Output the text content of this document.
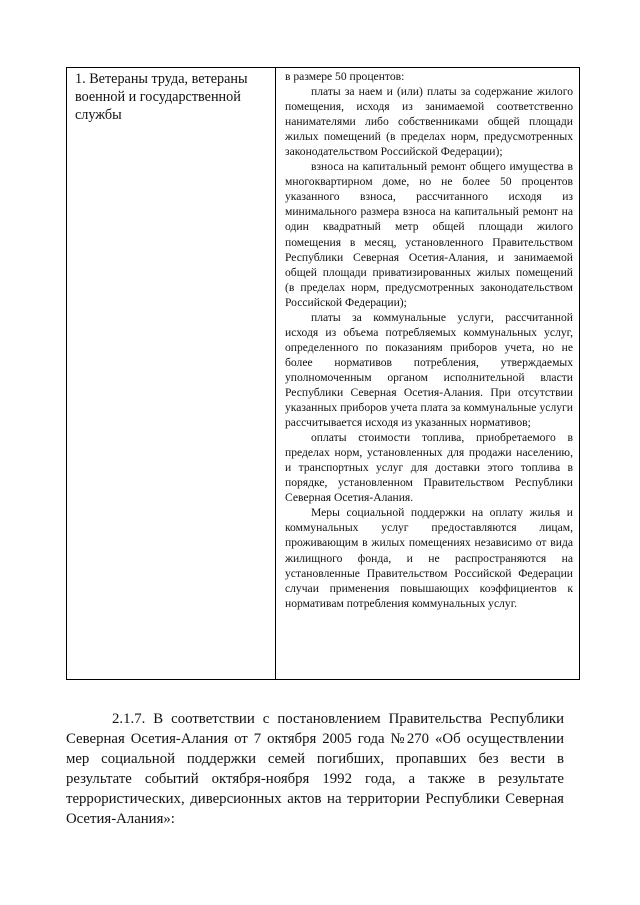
1. Ветераны труда, ветераны военной и государственной службы

в размере 50 процентов:

платы за наем и (или) платы за содержание жилого помещения, исходя из занимаемой соответственно нанимателями либо собственниками общей площади жилых помещений (в пределах норм, предусмотренных законодательством Российской Федерации);

взноса на капитальный ремонт общего имущества в многоквартирном доме, но не более 50 процентов указанного взноса, рассчитанного исходя из минимального размера взноса на капитальный ремонт на один квадратный метр общей площади жилого помещения в месяц, установленного Правительством Республики Северная Осетия-Алания, и занимаемой общей площади приватизированных жилых помещений (в пределах норм, предусмотренных законодательством Российской Федерации);

платы за коммунальные услуги, рассчитанной исходя из объема потребляемых коммунальных услуг, определенного по показаниям приборов учета, но не более нормативов потребления, утверждаемых уполномоченным органом исполнительной власти Республики Северная Осетия-Алания. При отсутствии указанных приборов учета плата за коммунальные услуги рассчитывается исходя из указанных нормативов;

оплаты стоимости топлива, приобретаемого в пределах норм, установленных для продажи населению, и транспортных услуг для доставки этого топлива в порядке, установленном Правительством Республики Северная Осетия-Алания.

Меры социальной поддержки на оплату жилья и коммунальных услуг предоставляются лицам, проживающим в жилых помещениях независимо от вида жилищного фонда, и не распространяются на установленные Правительством Российской Федерации случаи применения повышающих коэффициентов к нормативам потребления коммунальных услуг.

2.1.7. В соответствии с постановлением Правительства Республики Северная Осетия-Алания от 7 октября 2005 года №270 «Об осуществлении мер социальной поддержки семей погибших, пропавших без вести в результате событий октября-ноября 1992 года, а также в результате террористических, диверсионных актов на территории Республики Северная Осетия-Алания»:
